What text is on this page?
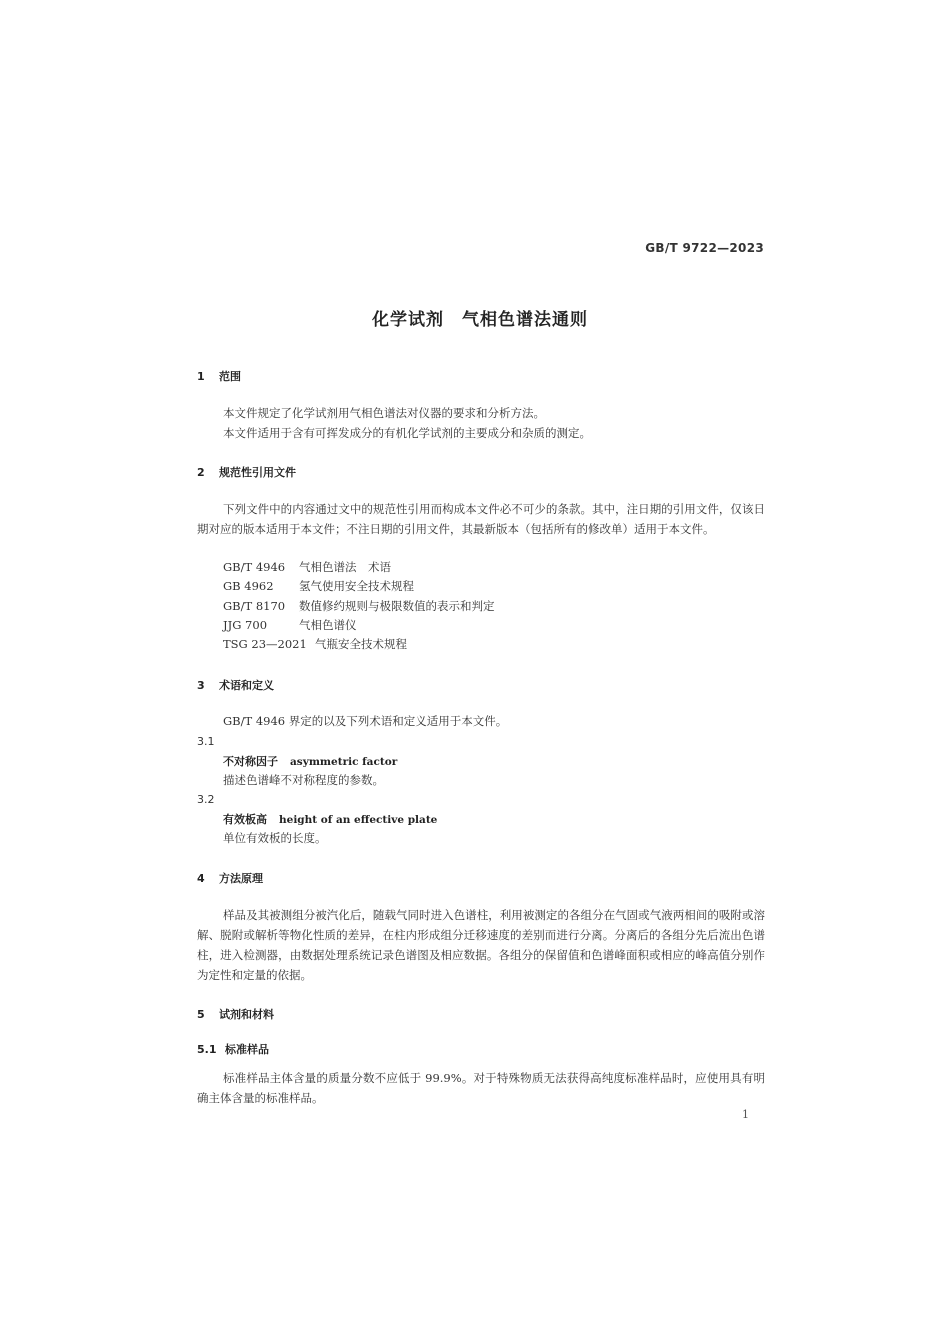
GB/T 9722—2023
化学试剂　气相色谱法通则
1 范围

本文件规定了化学试剂用气相色谱法对仪器的要求和分析方法。

本文件适用于含有可挥发成分的有机化学试剂的主要成分和杂质的测定。

2 规范性引用文件

下列文件中的内容通过文中的规范性引用而构成本文件必不可少的条款。其中，注日期的引用文件，仅该日期对应的版本适用于本文件；不注日期的引用文件，其最新版本（包括所有的修改单）适用于本文件。

GB/T 4946 气相色谱法　术语
GB 4962 氢气使用安全技术规程
GB/T 8170 数值修约规则与极限数值的表示和判定
JJG 700	气相色谱仪
TSG 23—2021 气瓶安全技术规程
3 术语和定义
GB/T 4946 界定的以及下列术语和定义适用于本文件。
3.1
不对称因子 asymmetric factor
描述色谱峰不对称程度的参数。
3.2
有效板高 height of an effective plate
单位有效板的长度。
4 方法原理

样品及其被测组分被汽化后，随载气同时进入色谱柱，利用被测定的各组分在气固或气液两相间的吸附或溶解、脱附或解析等物化性质的差异，在柱内形成组分迁移速度的差别而进行分离。分离后的各组分先后流出色谱柱，进入检测器，由数据处理系统记录色谱图及相应数据。各组分的保留值和色谱峰面积或相应的峰高值分别作为定性和定量的依据。

5 试剂和材料
5.1 标准样品

标准样品主体含量的质量分数不应低于 99.9%。对于特殊物质无法获得高纯度标准样品时，应使用具有明确主体含量的标准样品。

1
